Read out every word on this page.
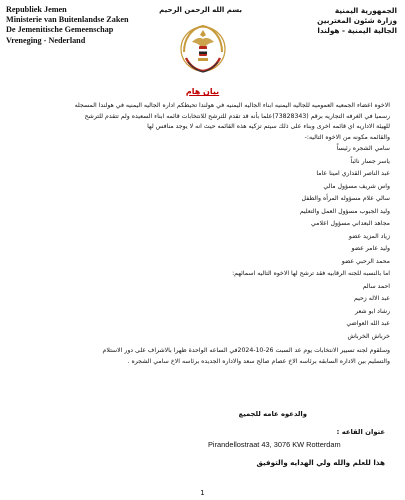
Republiek Jemen
Ministerie van Buitenlandse Zaken
De Jemenitische Gemeenschap
Vreneging - Nederland
بسم الله الرحمن الرحيم	الجمهورية اليمنية
وزارة شئون المغتربين
الجالية اليمنية - هولندا
بيان هام
الاخوه اعضاء الجمعيه العموميه للجاليه اليمنيه ابناء الجاليه اليمنيه في هولندا تحيطكم اداره الجاليه اليمنيه في هولندا المسجله
رسميا في الغرفه التجاريه برقم (73828343)علما بأنه قد تقدم للترشح للانتخابات قائمه ابناء السعيده ولم تتقدم للترشح
للهيئة الاداريه اي قائمه اخرى وبناء على ذلك سيتم تزكيه هذه القائمه حيث انه لا يوجد منافس لها
والقائمه مكونه من الاخوه التاليه:-
سامي الشجره رئيساً
ياسر جسار نائباً
عبد الناصر القداري امينا عاما
واس شريف مسؤول مالي
سالي علام مسؤوله المرأه والطفل
وليد الجبوب مسؤول العمل والتعليم
مجاهد البعداني مسؤول اعلامي
زياد المزيد عضو
وليد عامر عضو
محمد الرحبي عضو
اما بالنسبه للجنه الرقابيه فقد ترشح لها الاخوه التاليه اسمائهم:
احمد سالم
عبد الاله زحيم
رشاد ابو شعر
عبد الله العواضي
خرباش الخرباش
وسلقوم لجنه تسيير الانتخابات يوم عد السبت 26-10-2024في الساعه الواحدة ظهرا بالاشراف على دور الاستلام
والتسليم بين الاداره السابقه برئاسه الاخ عصام صالح سعد والاداره الجديده برئاسه الاخ سامي الشجره .
والدعوه عامه للجميع
عنوان القاعه :
Pirandellostraat 43, 3076 KW Rotterdam
هذا للعلم والله ولي الهدايه والتوفيق
1
